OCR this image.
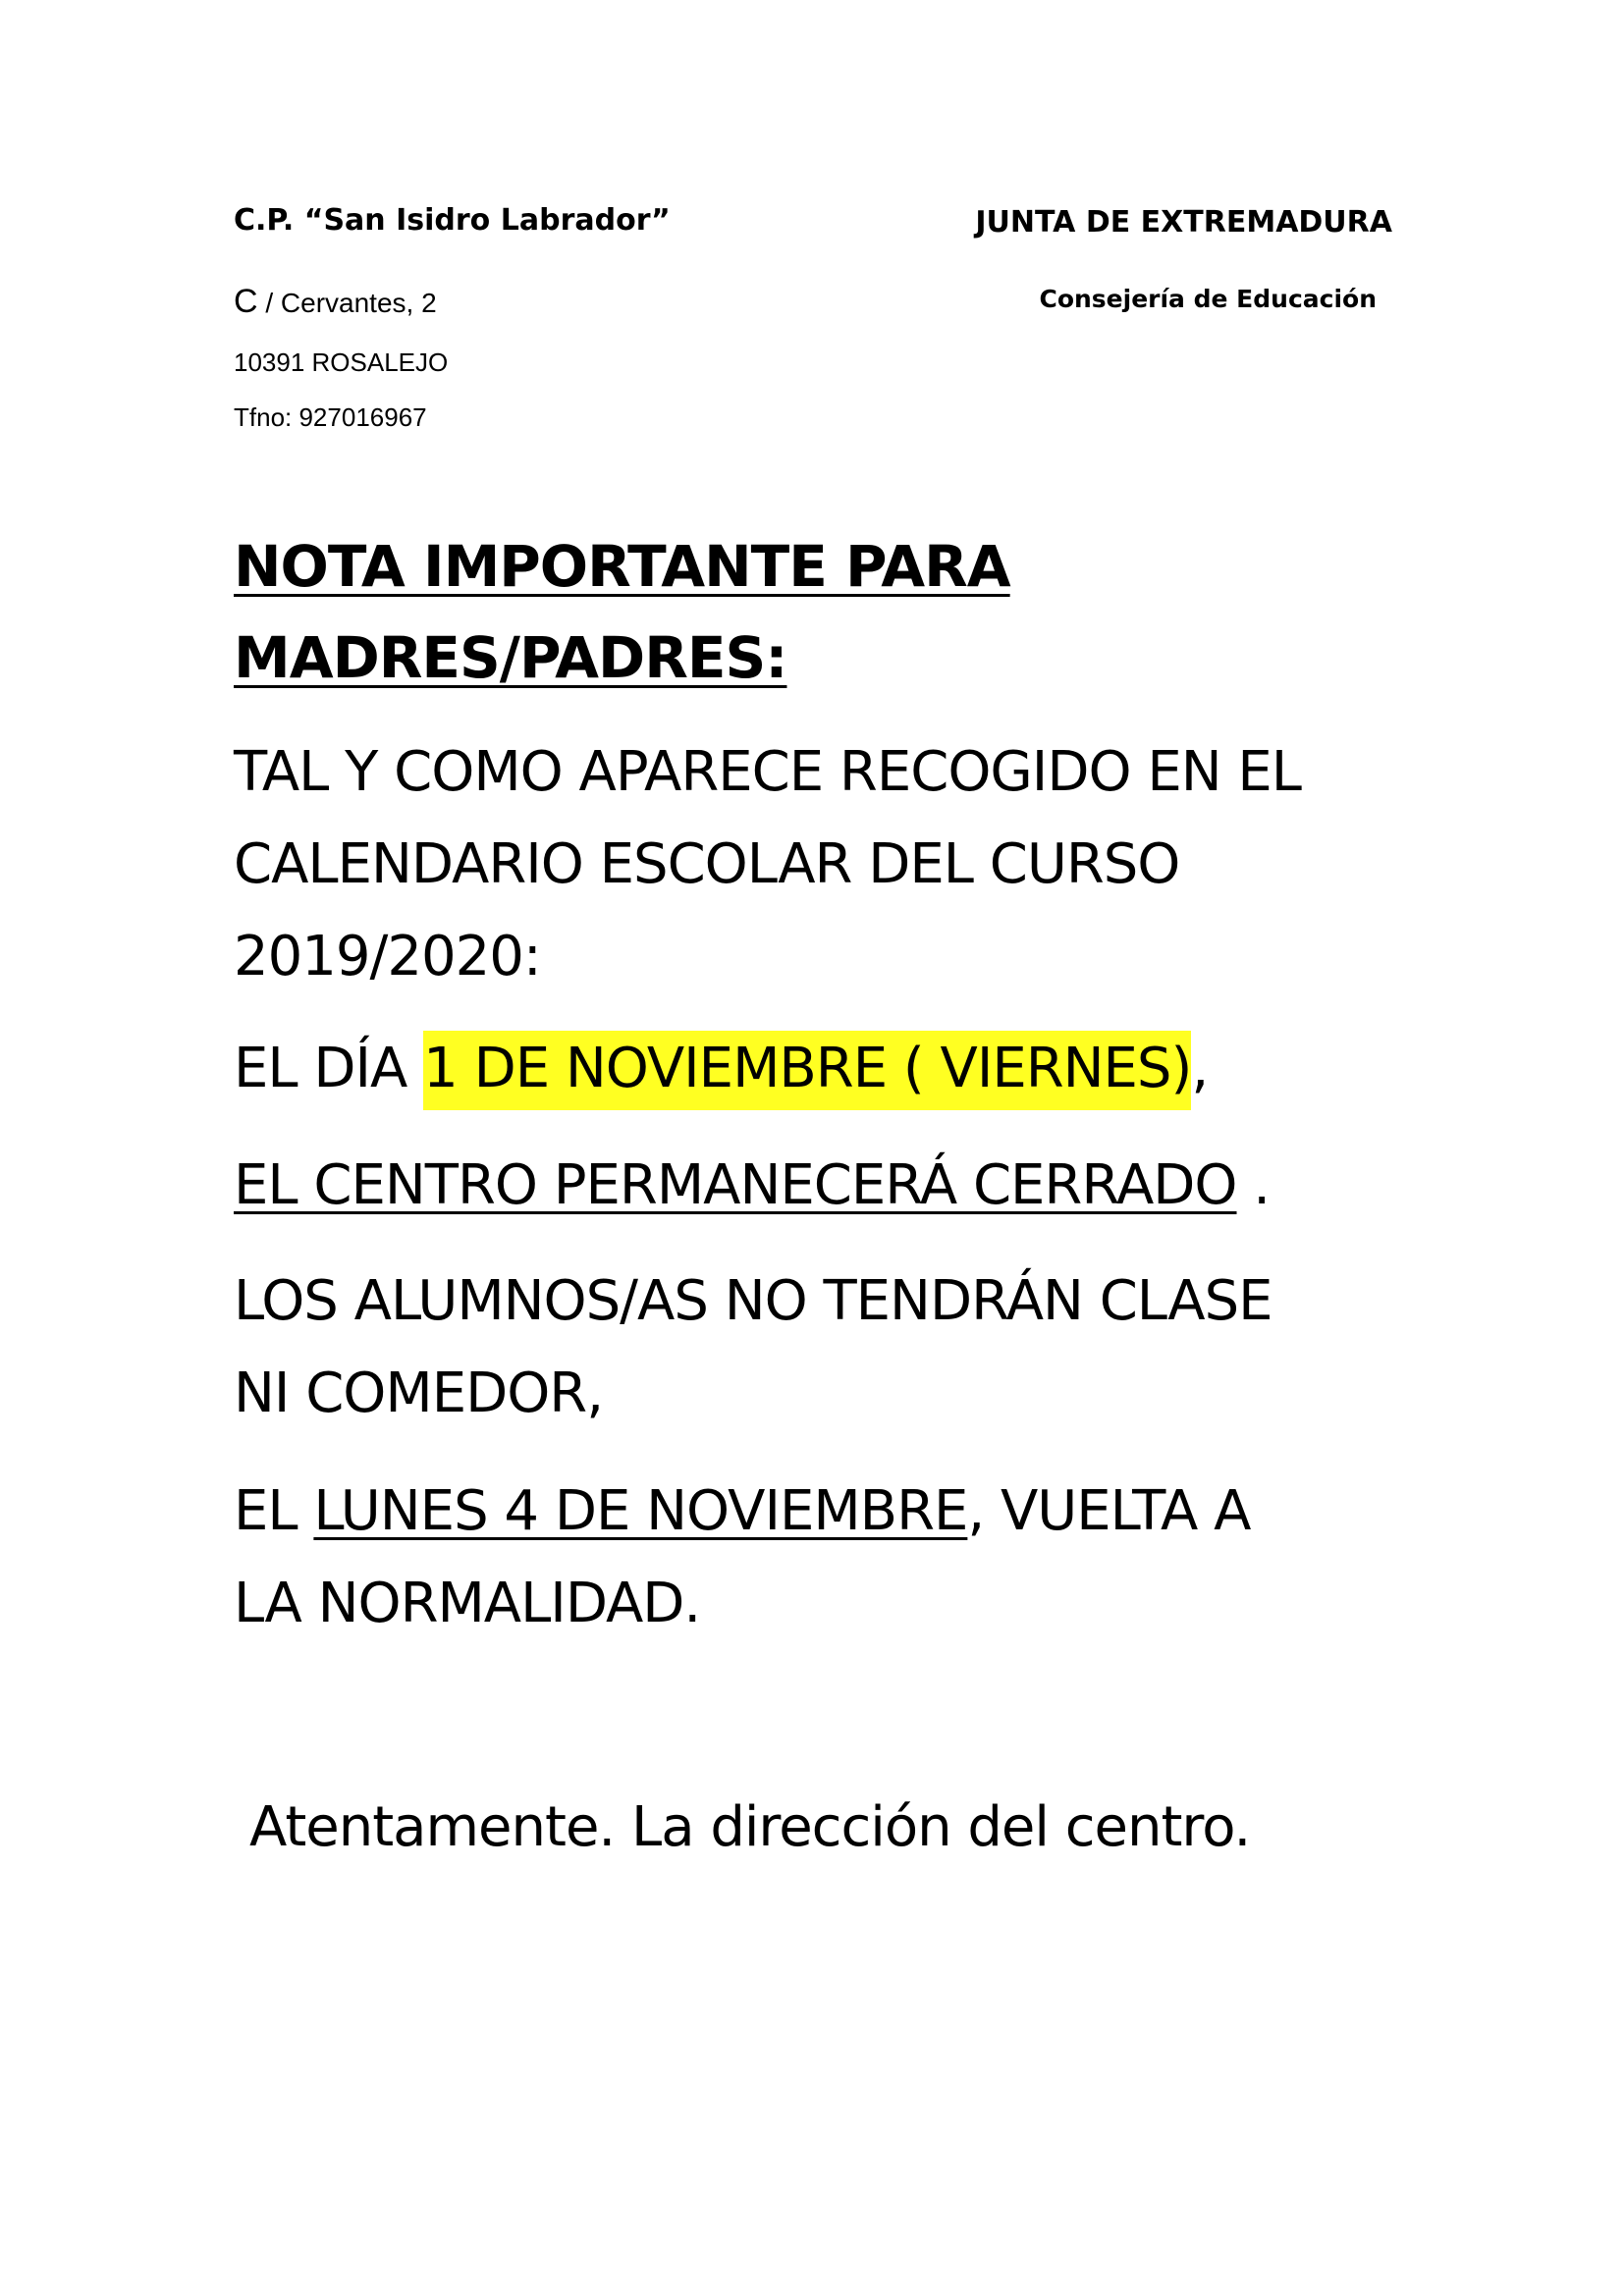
C.P. “San Isidro Labrador”
C / Cervantes, 2
10391 ROSALEJO
Tfno: 927016967
JUNTA DE EXTREMADURA
Consejería de Educación
NOTA IMPORTANTE PARA
MADRES/PADRES:
TAL Y COMO APARECE RECOGIDO EN EL
CALENDARIO ESCOLAR DEL CURSO
2019/2020:
EL DÍA 1 DE NOVIEMBRE ( VIERNES),
EL CENTRO PERMANECERÁ CERRADO .
LOS ALUMNOS/AS NO TENDRÁN CLASE
NI COMEDOR,
EL LUNES 4 DE NOVIEMBRE, VUELTA A
LA NORMALIDAD.
Atentamente. La dirección del centro.
